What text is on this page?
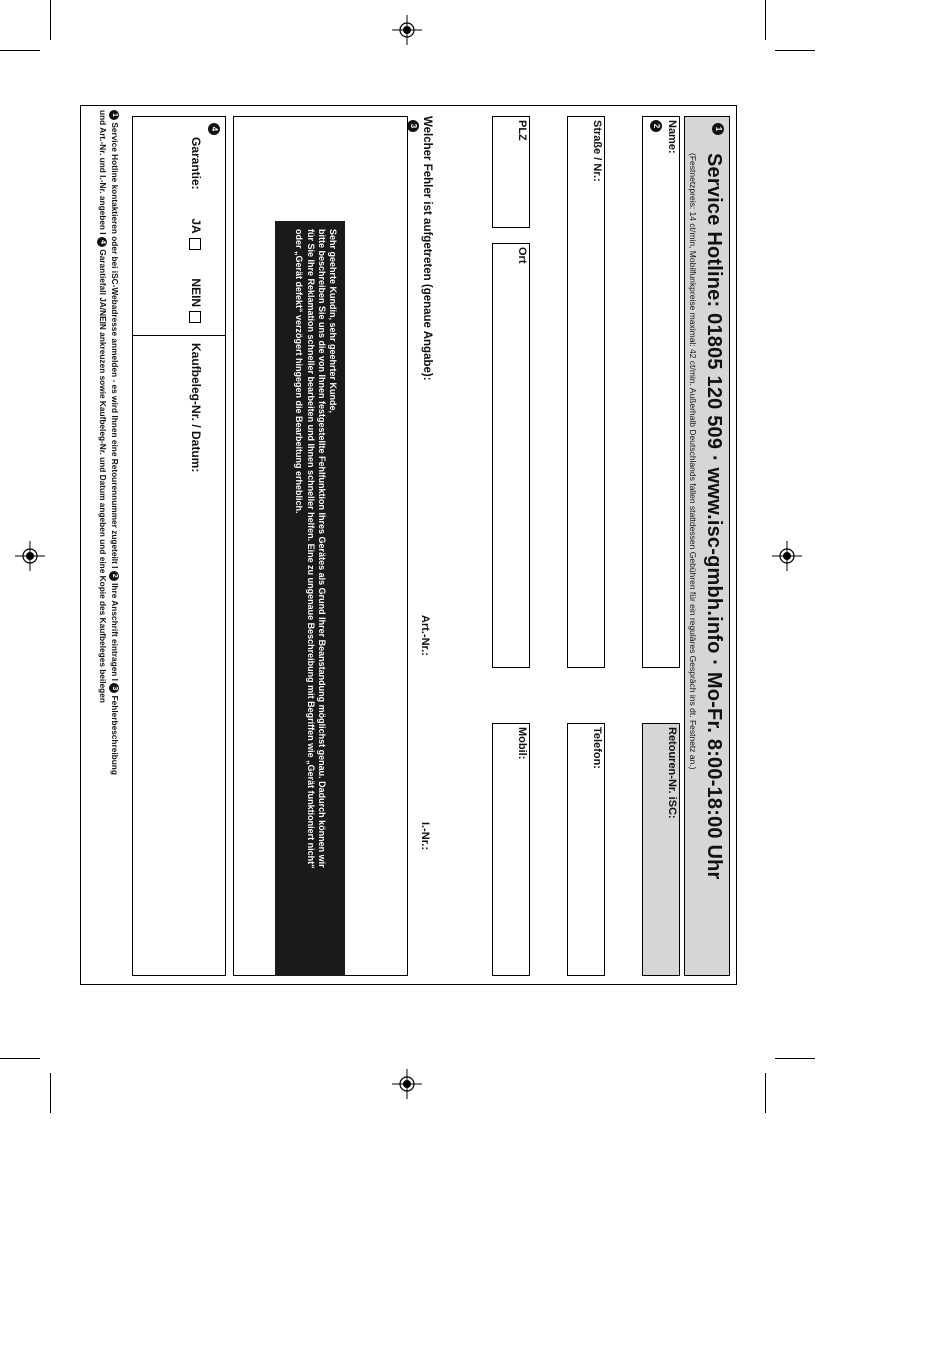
1
Service Hotline: 01805 120 509 · www.isc-gmbh.info · Mo-Fr. 8:00-18:00 Uhr
(Festnetzpreis: 14 ct/min, Mobilfunkpreise maximal: 42 ct/min. Außerhalb Deutschlands fallen stattdessen Gebühren für ein reguläres Gespräch ins dt. Festnetz an.)
2 Name:
Retouren-Nr. iSC:
Straße / Nr.:
Telefon:
PLZ
Ort
Mobil:
Welcher Fehler ist aufgetreten (genaue Angabe):
3
Art.-Nr.:
I.-Nr.:
Sehr geehrte Kundin, sehr geehrter Kunde,
bitte beschreiben Sie uns die von Ihnen festgestellte Fehlfunktion Ihres Gerätes als Grund Ihrer Beanstandung möglichst genau. Dadurch können wir
für Sie Ihre Reklamation schneller bearbeiten und Ihnen schneller helfen. Eine zu ungenaue Beschreibung mit Begriffen wie „Gerät funktioniert nicht“
oder „Gerät defekt“ verzögert hingegen die Bearbeitung erheblich.
4
Garantie:  JA  NEIN
Kaufbeleg-Nr. / Datum:
1 Service Hotline kontaktieren oder bei iSC-Webadresse anmelden - es wird Ihnen eine Retourennummer zugeteilt I 2 Ihre Anschrift eintragen I 3 Fehlerbeschreibung
und Art.-Nr. und I.-Nr. angeben I 4 Garantiefall JA/NEIN ankreuzen sowie Kaufbeleg-Nr. und Datum angeben und eine Kopie des Kaufbeleges beilegen
